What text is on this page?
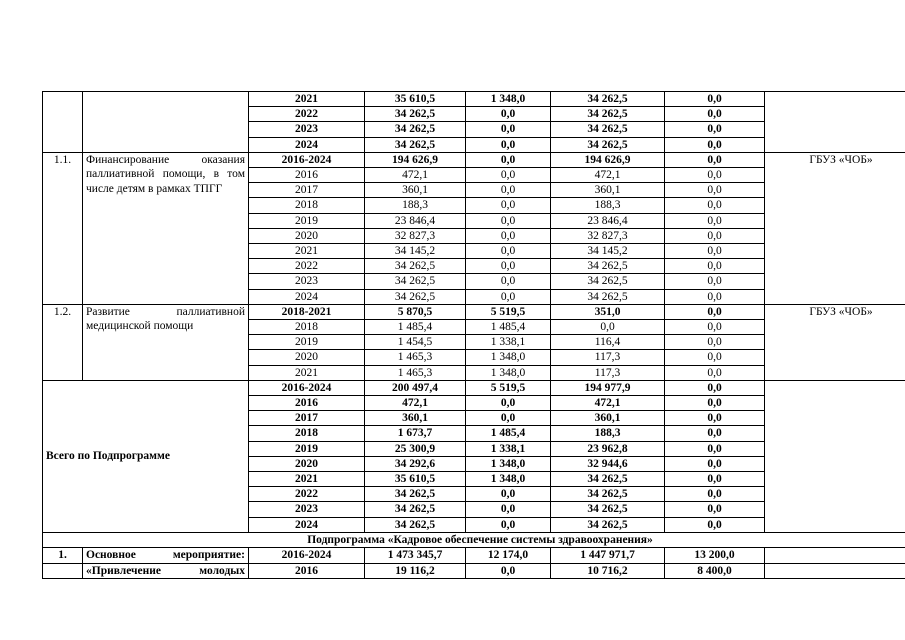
		2021	35 610,5	1 348,0	34 262,5	0,0	
		2022	34 262,5	0,0	34 262,5	0,0	
		2023	34 262,5	0,0	34 262,5	0,0	
		2024	34 262,5	0,0	34 262,5	0,0	
1.1.	Финансирование оказания паллиативной помощи, в том числе детям в рамках ТПГГ	2016-2024	194 626,9	0,0	194 626,9	0,0	ГБУЗ «ЧОБ»
		2016	472,1	0,0	472,1	0,0	
		2017	360,1	0,0	360,1	0,0	
		2018	188,3	0,0	188,3	0,0	
		2019	23 846,4	0,0	23 846,4	0,0	
		2020	32 827,3	0,0	32 827,3	0,0	
		2021	34 145,2	0,0	34 145,2	0,0	
		2022	34 262,5	0,0	34 262,5	0,0	
		2023	34 262,5	0,0	34 262,5	0,0	
		2024	34 262,5	0,0	34 262,5	0,0	
1.2.	Развитие паллиативной медицинской помощи	2018-2021	5 870,5	5 519,5	351,0	0,0	ГБУЗ «ЧОБ»
		2018	1 485,4	1 485,4	0,0	0,0	
		2019	1 454,5	1 338,1	116,4	0,0	
		2020	1 465,3	1 348,0	117,3	0,0	
		2021	1 465,3	1 348,0	117,3	0,0	
Всего по Подпрограмме		2016-2024	200 497,4	5 519,5	194 977,9	0,0	
		2016	472,1	0,0	472,1	0,0	
		2017	360,1	0,0	360,1	0,0	
		2018	1 673,7	1 485,4	188,3	0,0	
		2019	25 300,9	1 338,1	23 962,8	0,0	
		2020	34 292,6	1 348,0	32 944,6	0,0	
		2021	35 610,5	1 348,0	34 262,5	0,0	
		2022	34 262,5	0,0	34 262,5	0,0	
		2023	34 262,5	0,0	34 262,5	0,0	
		2024	34 262,5	0,0	34 262,5	0,0	
Подпрограмма «Кадровое обеспечение системы здравоохранения»							
1.	Основное мероприятие:	2016-2024	1 473 345,7	12 174,0	1 447 971,7	13 200,0	
	«Привлечение молодых	2016	19 116,2	0,0	10 716,2	8 400,0	
